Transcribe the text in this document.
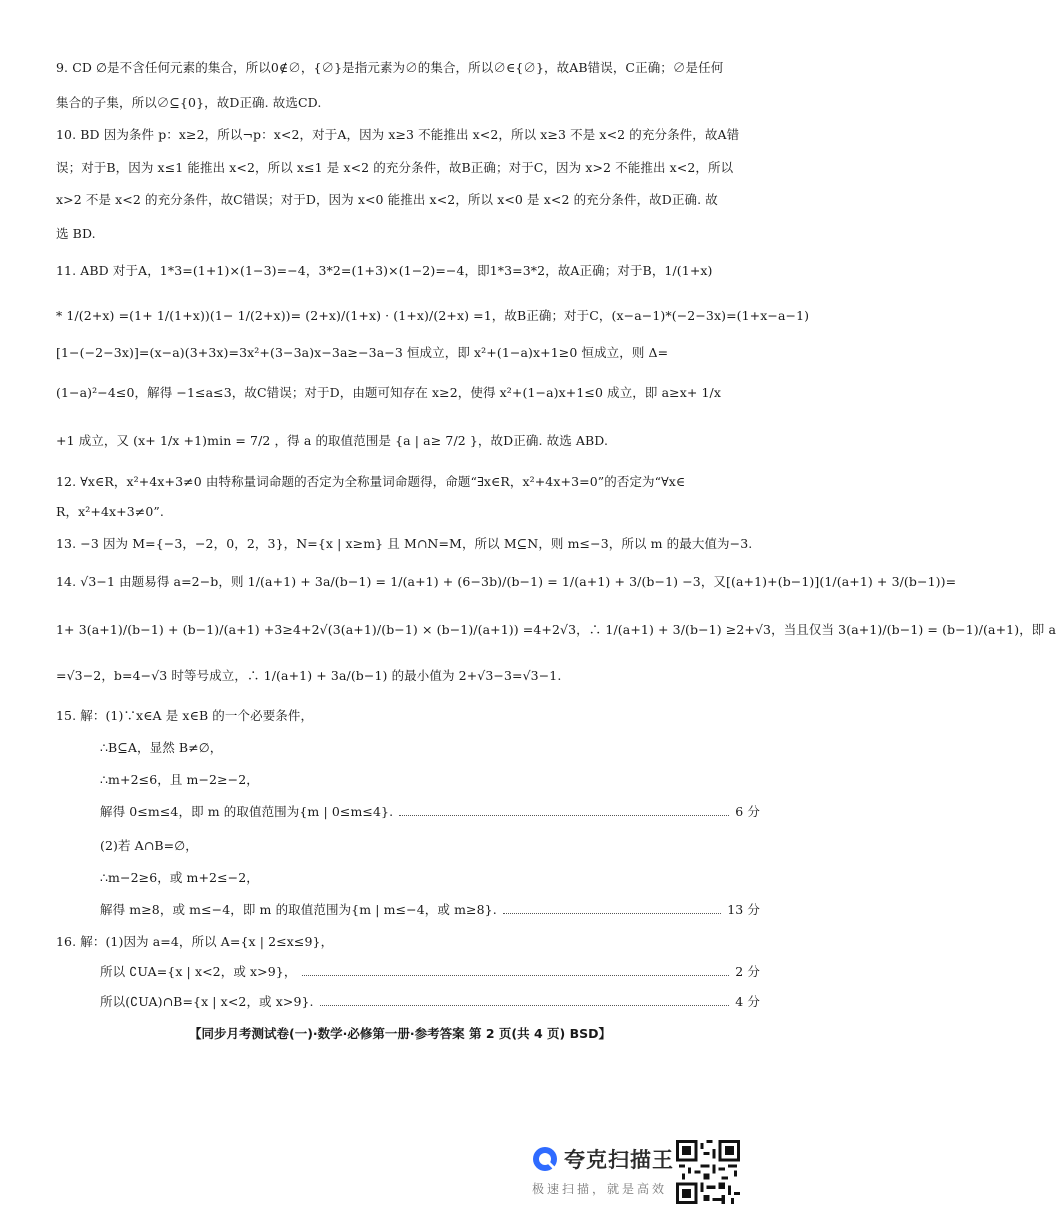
9. CD ∅是不含任何元素的集合，所以0∉∅，{∅}是指元素为∅的集合，所以∅∈{∅}，故AB错误，C正确；∅是任何
集合的子集，所以∅⊆{0}，故D正确. 故选CD.
10. BD 因为条件 p：x≥2，所以¬p：x<2，对于A，因为 x≥3 不能推出 x<2，所以 x≥3 不是 x<2 的充分条件，故A错
误；对于B，因为 x≤1 能推出 x<2，所以 x≤1 是 x<2 的充分条件，故B正确；对于C，因为 x>2 不能推出 x<2，所以
x>2 不是 x<2 的充分条件，故C错误；对于D，因为 x<0 能推出 x<2，所以 x<0 是 x<2 的充分条件，故D正确. 故
选 BD.
11. ABD 对于A，1*3=(1+1)×(1−3)=−4，3*2=(1+3)×(1−2)=−4，即1*3=3*2，故A正确；对于B，1/(1+x)
* 1/(2+x) =(1+ 1/(1+x))(1− 1/(2+x))= (2+x)/(1+x) · (1+x)/(2+x) =1，故B正确；对于C，(x−a−1)*(−2−3x)=(1+x−a−1)
[1−(−2−3x)]=(x−a)(3+3x)=3x²+(3−3a)x−3a≥−3a−3 恒成立，即 x²+(1−a)x+1≥0 恒成立，则 Δ=
(1−a)²−4≤0，解得 −1≤a≤3，故C错误；对于D，由题可知存在 x≥2，使得 x²+(1−a)x+1≤0 成立，即 a≥x+ 1/x
+1 成立，又 (x+ 1/x +1)min = 7/2 ，得 a 的取值范围是 {a | a≥ 7/2 }，故D正确. 故选 ABD.
12. ∀x∈R，x²+4x+3≠0 由特称量词命题的否定为全称量词命题得，命题“∃x∈R，x²+4x+3=0”的否定为“∀x∈
R，x²+4x+3≠0”.
13. −3 因为 M={−3，−2，0，2，3}，N={x | x≥m} 且 M∩N=M，所以 M⊆N，则 m≤−3，所以 m 的最大值为−3.
14. √3−1 由题易得 a=2−b，则 1/(a+1) + 3a/(b−1) = 1/(a+1) + (6−3b)/(b−1) = 1/(a+1) + 3/(b−1) −3，又[(a+1)+(b−1)](1/(a+1) + 3/(b−1))=
1+ 3(a+1)/(b−1) + (b−1)/(a+1) +3≥4+2√(3(a+1)/(b−1) × (b−1)/(a+1)) =4+2√3，∴ 1/(a+1) + 3/(b−1) ≥2+√3，当且仅当 3(a+1)/(b−1) = (b−1)/(a+1)，即 a
=√3−2，b=4−√3 时等号成立，∴ 1/(a+1) + 3a/(b−1) 的最小值为 2+√3−3=√3−1.
15. 解：(1)∵x∈A 是 x∈B 的一个必要条件，
∴B⊆A，显然 B≠∅，
∴m+2≤6，且 m−2≥−2，
解得 0≤m≤4，即 m 的取值范围为{m | 0≤m≤4}.	6 分
(2)若 A∩B=∅，
∴m−2≥6，或 m+2≤−2，
解得 m≥8，或 m≤−4，即 m 的取值范围为{m | m≤−4，或 m≥8}.	13 分
16. 解：(1)因为 a=4，所以 A={x | 2≤x≤9}，
所以 ∁UA={x | x<2，或 x>9}，	2 分
所以(∁UA)∩B={x | x<2，或 x>9}.	4 分
【同步月考测试卷(一)·数学·必修第一册·参考答案 第 2 页(共 4 页) BSD】
夸克扫描王
极速扫描，就是高效
